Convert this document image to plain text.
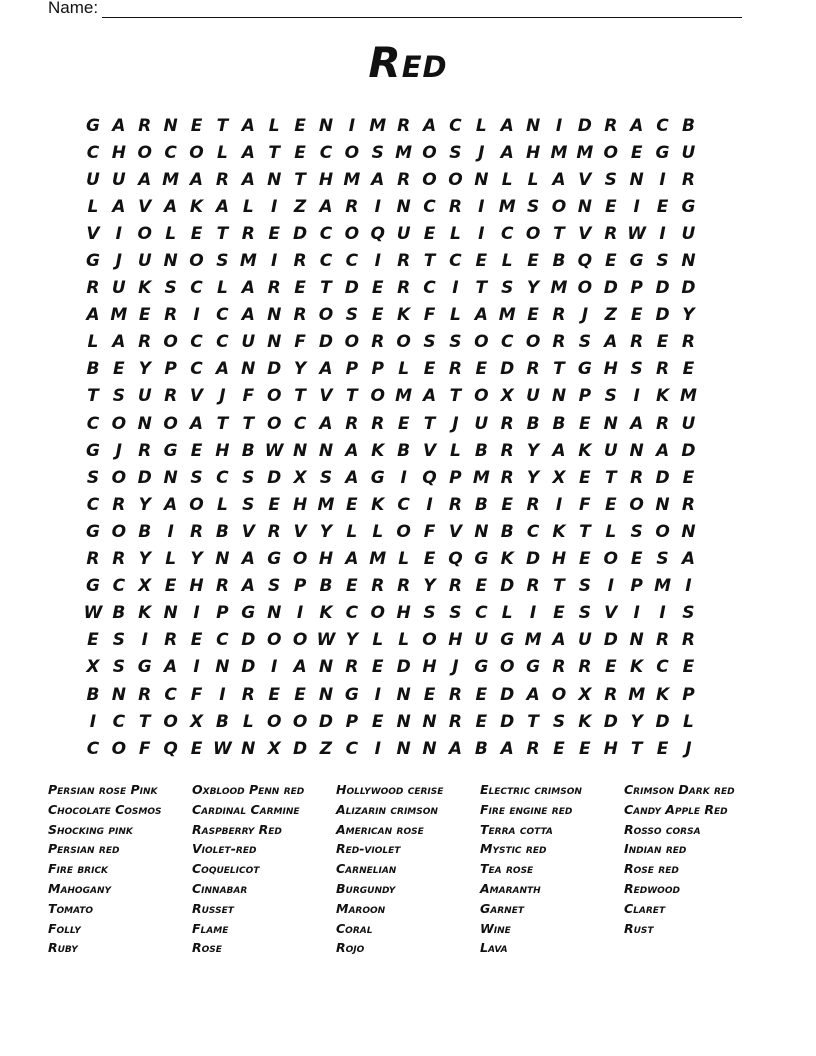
Name:
Red
G A R N E T A L E N I M R A C L A N I D R A C B
C H O C O L A T E C O S M O S J A H M M O E G U
U U A M A R A N T H M A R O O N L L A V S N I R
L A V A K A L	I Z A R I N C R I M S O N E I E G
V I O L E T R E D C O Q U E L	I C O T V R W I U
G J U N O S M I R C C I R T C E L E B Q E G S N
R U K S C L A R E T D E R C I T S Y M O D P D D
A M E R I C A N R O S E K F L A M E R J Z E D Y
L A R O C C U N F D O R O S S O C O R S A R E R
B E Y P C A N D Y A P P L E R E D R T G H S R E
T S U R V J F O T V T O M A T O X U N P S I K M
C O N O A T T O C A R R E T J U R B B E N A R U
G J R G E H B W N N A K B V L B R Y A K U N A D
S O D N S C S D X S A G I Q P M R Y X E T R D E
C R Y A O L S E H M E K C I R B E R I F E O N R
G O B I R B V R V Y L L O F V N B C K T L S O N
R R Y L Y N A G O H A M L E Q G K D H E O E S A
G C X E H R A S P B E R R Y R E D R T S I P M I
W B K N I P G N I K C O H S S C L	I E S V I	I S
E S I R E C D O O W Y L L O H U G M A U D N R R
X S G A I N D I A N R E D H J G O G R R E K C E
B N R C F I R E E N G I N E R E D A O X R M K P
I C T O X B L O O D P E N N R E D T S K D Y D L
C O F Q E W N X D Z C I N N A B A R E E H T E J
Persian rose Pink
Chocolate Cosmos
Shocking pink
Persian red
Fire brick
Mahogany
Tomato
Folly
Ruby
Oxblood Penn red
Cardinal Carmine
Raspberry Red
Violet-red
Coquelicot
Cinnabar
Russet
Flame
Rose
Hollywood cerise
Alizarin crimson
American rose
Red-violet
Carnelian
Burgundy
Maroon
Coral
Rojo
Electric crimson
Fire engine red
Terra cotta
Mystic red
Tea rose
Amaranth
Garnet
Wine
Lava
Crimson Dark red
Candy Apple Red
Rosso corsa
Indian red
Rose red
Redwood
Claret
Rust
